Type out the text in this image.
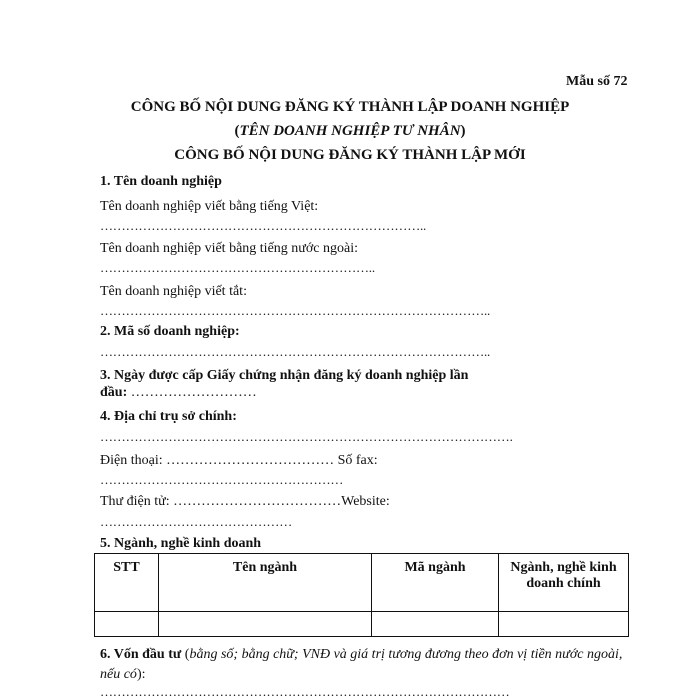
Mẫu số 72
CÔNG BỐ NỘI DUNG ĐĂNG KÝ THÀNH LẬP DOANH NGHIỆP
(TÊN DOANH NGHIỆP TƯ NHÂN)
CÔNG BỐ NỘI DUNG ĐĂNG KÝ THÀNH LẬP MỚI
1. Tên doanh nghiệp
Tên doanh nghiệp viết bằng tiếng Việt:
…………………………………………………………………..
Tên doanh nghiệp viết bằng tiếng nước ngoài:
………………………………………………………..
Tên doanh nghiệp viết tắt:
………………………………………………………………………………..
2. Mã số doanh nghiệp:
………………………………………………………………………………..
3. Ngày được cấp Giấy chứng nhận đăng ký doanh nghiệp lần
đầu: ………………………
4. Địa chỉ trụ sở chính:
…………………………………………………………………………………….
Điện thoại: ……………………………… Số fax:
…………………………………………………
Thư điện tử: ………………………………Website:
………………………………………
5. Ngành, nghề kinh doanh
STT	Tên ngành	Mã ngành	Ngành, nghề kinh doanh chính

6. Vốn đầu tư (bằng số; bằng chữ; VNĐ và giá trị tương đương theo đơn vị tiền nước ngoài, nếu có):
……………………………………………………………………………………
